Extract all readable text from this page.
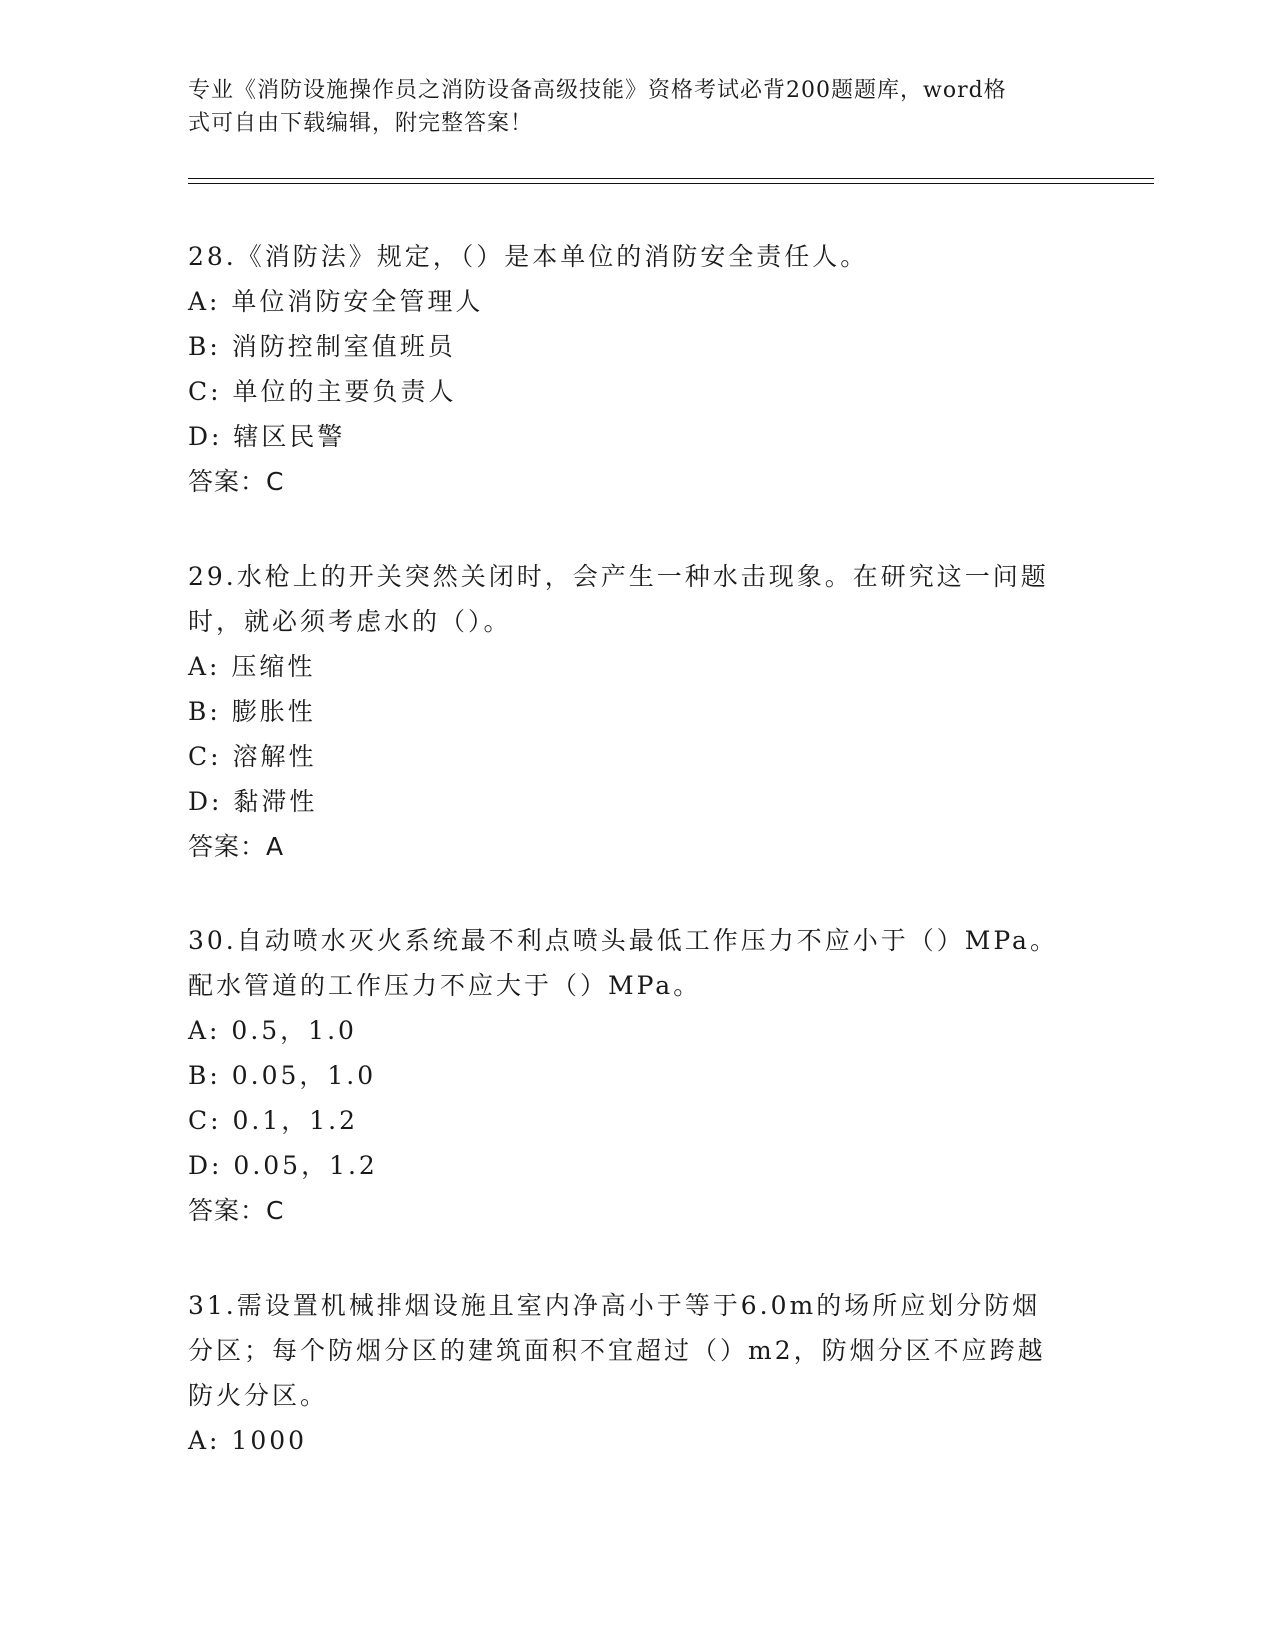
专业《消防设施操作员之消防设备高级技能》资格考试必背200题题库，word格
式可自由下载编辑，附完整答案！
28.《消防法》规定，（）是本单位的消防安全责任人。
A: 单位消防安全管理人
B: 消防控制室值班员
C: 单位的主要负责人
D: 辖区民警
答案：C
29.水枪上的开关突然关闭时，会产生一种水击现象。在研究这一问题
时，就必须考虑水的（）。
A: 压缩性
B: 膨胀性
C: 溶解性
D: 黏滞性
答案：A
30.自动喷水灭火系统最不利点喷头最低工作压力不应小于（）MPa。
配水管道的工作压力不应大于（）MPa。
A: 0.5，1.0
B: 0.05，1.0
C: 0.1，1.2
D: 0.05，1.2
答案：C
31.需设置机械排烟设施且室内净高小于等于6.0m的场所应划分防烟
分区；每个防烟分区的建筑面积不宜超过（）m2，防烟分区不应跨越
防火分区。
A: 1000
